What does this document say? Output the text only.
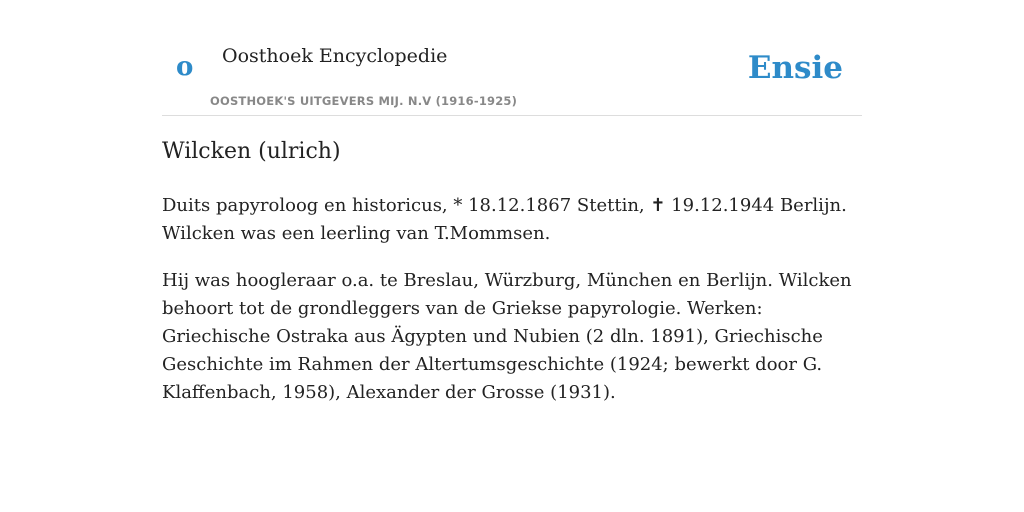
o Oosthoek Encyclopedie
OOSTHOEK'S UITGEVERS MIJ. N.V (1916-1925)
Ensie
Wilcken (ulrich)

Duits papyroloog en historicus, * 18.12.1867 Stettin, ✝ 19.12.1944 Berlijn. Wilcken was een leerling van T.Mommsen.

Hij was hoogleraar o.a. te Breslau, Würzburg, München en Berlijn. Wilcken behoort tot de grondleggers van de Griekse papyrologie. Werken: Griechische Ostraka aus Ägypten und Nubien (2 dln. 1891), Griechische Geschichte im Rahmen der Altertumsgeschichte (1924; bewerkt door G. Klaffenbach, 1958), Alexander der Grosse (1931).
